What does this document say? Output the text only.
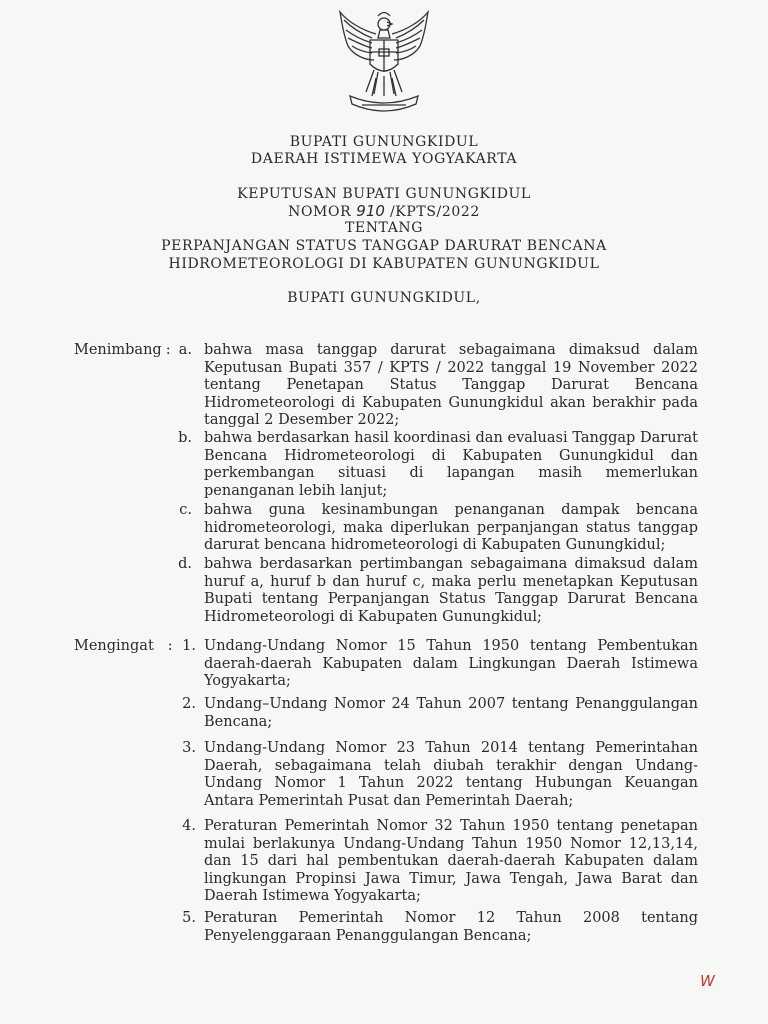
BUPATI GUNUNGKIDUL
DAERAH ISTIMEWA YOGYAKARTA
KEPUTUSAN BUPATI GUNUNGKIDUL
NOMOR 910 /KPTS/2022
TENTANG
PERPANJANGAN STATUS TANGGAP DARURAT BENCANA
HIDROMETEOROLOGI DI KABUPATEN GUNUNGKIDUL
BUPATI GUNUNGKIDUL,
Menimbang : a. bahwa masa tanggap darurat sebagaimana dimaksud dalam Keputusan Bupati 357 / KPTS / 2022 tanggal 19 November 2022 tentang Penetapan Status Tanggap Darurat Bencana Hidrometeorologi di Kabupaten Gunungkidul akan berakhir pada tanggal 2 Desember 2022;
b. bahwa berdasarkan hasil koordinasi dan evaluasi Tanggap Darurat Bencana Hidrometeorologi di Kabupaten Gunungkidul dan perkembangan situasi di lapangan masih memerlukan penanganan lebih lanjut;
c. bahwa guna kesinambungan penanganan dampak bencana hidrometeorologi, maka diperlukan perpanjangan status tanggap darurat bencana hidrometeorologi di Kabupaten Gunungkidul;
d. bahwa berdasarkan pertimbangan sebagaimana dimaksud dalam huruf a, huruf b dan huruf c, maka perlu menetapkan Keputusan Bupati tentang Perpanjangan Status Tanggap Darurat Bencana Hidrometeorologi di Kabupaten Gunungkidul;
Mengingat : 1. Undang-Undang Nomor 15 Tahun 1950 tentang Pembentukan daerah-daerah Kabupaten dalam Lingkungan Daerah Istimewa Yogyakarta;
2. Undang–Undang Nomor 24 Tahun 2007 tentang Penanggulangan Bencana;
3. Undang-Undang Nomor 23 Tahun 2014 tentang Pemerintahan Daerah, sebagaimana telah diubah terakhir dengan Undang-Undang Nomor 1 Tahun 2022 tentang Hubungan Keuangan Antara Pemerintah Pusat dan Pemerintah Daerah;
4. Peraturan Pemerintah Nomor 32 Tahun 1950 tentang penetapan mulai berlakunya Undang-Undang Tahun 1950 Nomor 12,13,14, dan 15 dari hal pembentukan daerah-daerah Kabupaten dalam lingkungan Propinsi Jawa Timur, Jawa Tengah, Jawa Barat dan Daerah Istimewa Yogyakarta;
5. Peraturan Pemerintah Nomor 12 Tahun 2008 tentang Penyelenggaraan Penanggulangan Bencana;
W
